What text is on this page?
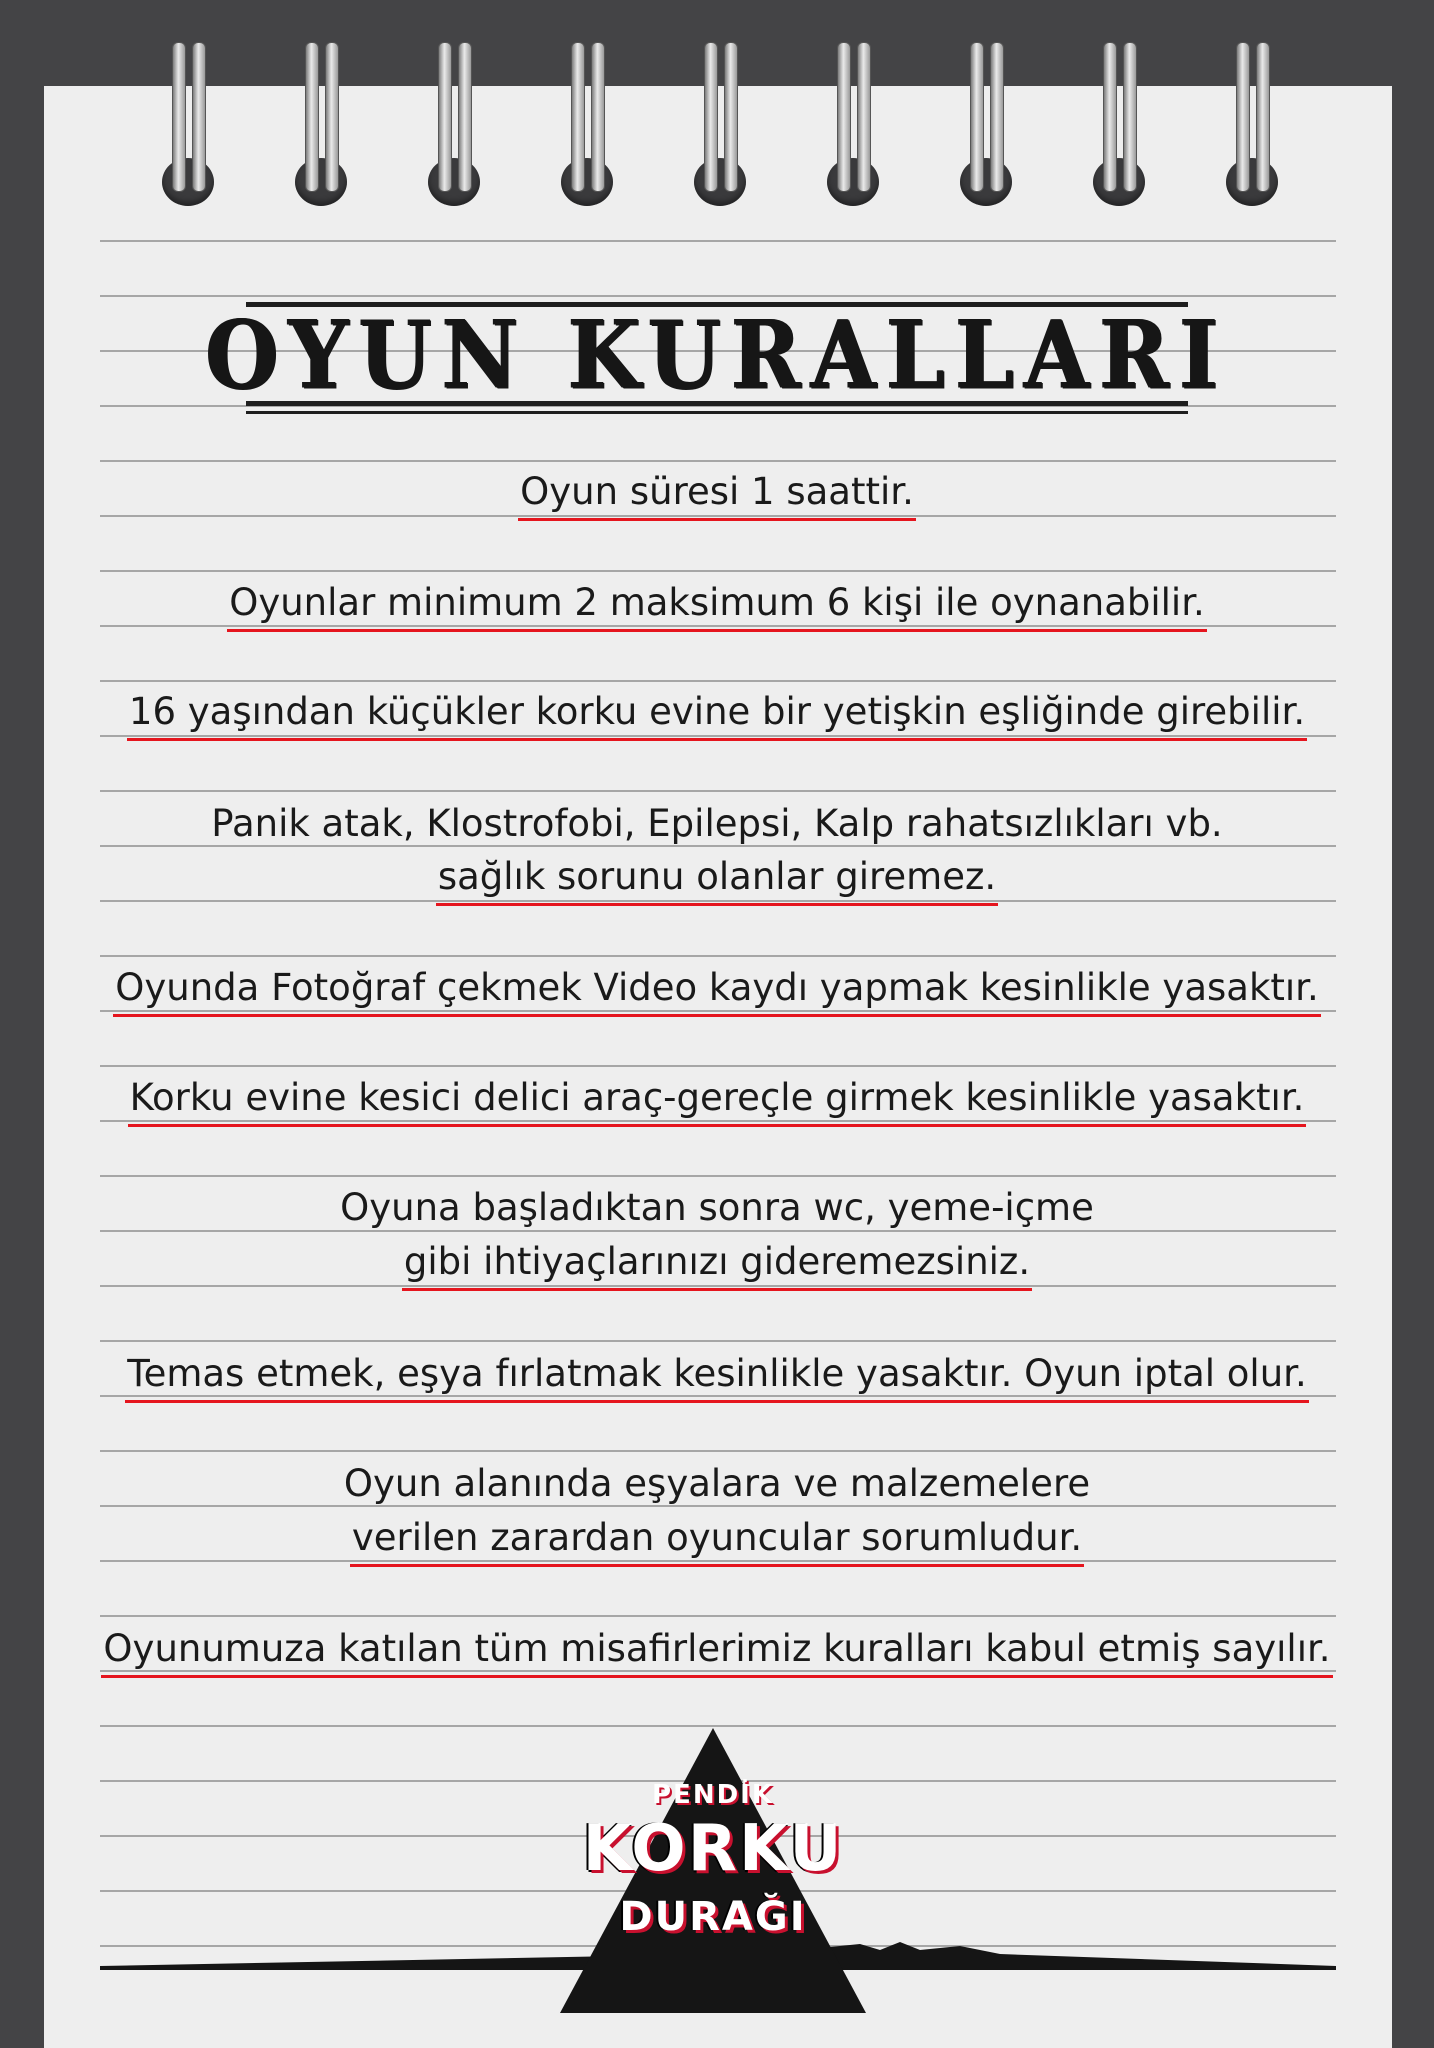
OYUN KURALLARI
Oyun süresi 1 saattir.
Oyunlar minimum 2 maksimum 6 kişi ile oynanabilir.
16 yaşından küçükler korku evine bir yetişkin eşliğinde girebilir.
Panik atak, Klostrofobi, Epilepsi, Kalp rahatsızlıkları vb.
sağlık sorunu olanlar giremez.
Oyunda Fotoğraf çekmek Video kaydı yapmak kesinlikle yasaktır.
Korku evine kesici delici araç-gereçle girmek kesinlikle yasaktır.
Oyuna başladıktan sonra wc, yeme-içme
gibi ihtiyaçlarınızı gideremezsiniz.
Temas etmek, eşya fırlatmak kesinlikle yasaktır. Oyun iptal olur.
Oyun alanında eşyalara ve malzemelere
verilen zarardan oyuncular sorumludur.
Oyunumuza katılan tüm misafirlerimiz kuralları kabul etmiş sayılır.
PENDİK
KORKU
DURAĞI
